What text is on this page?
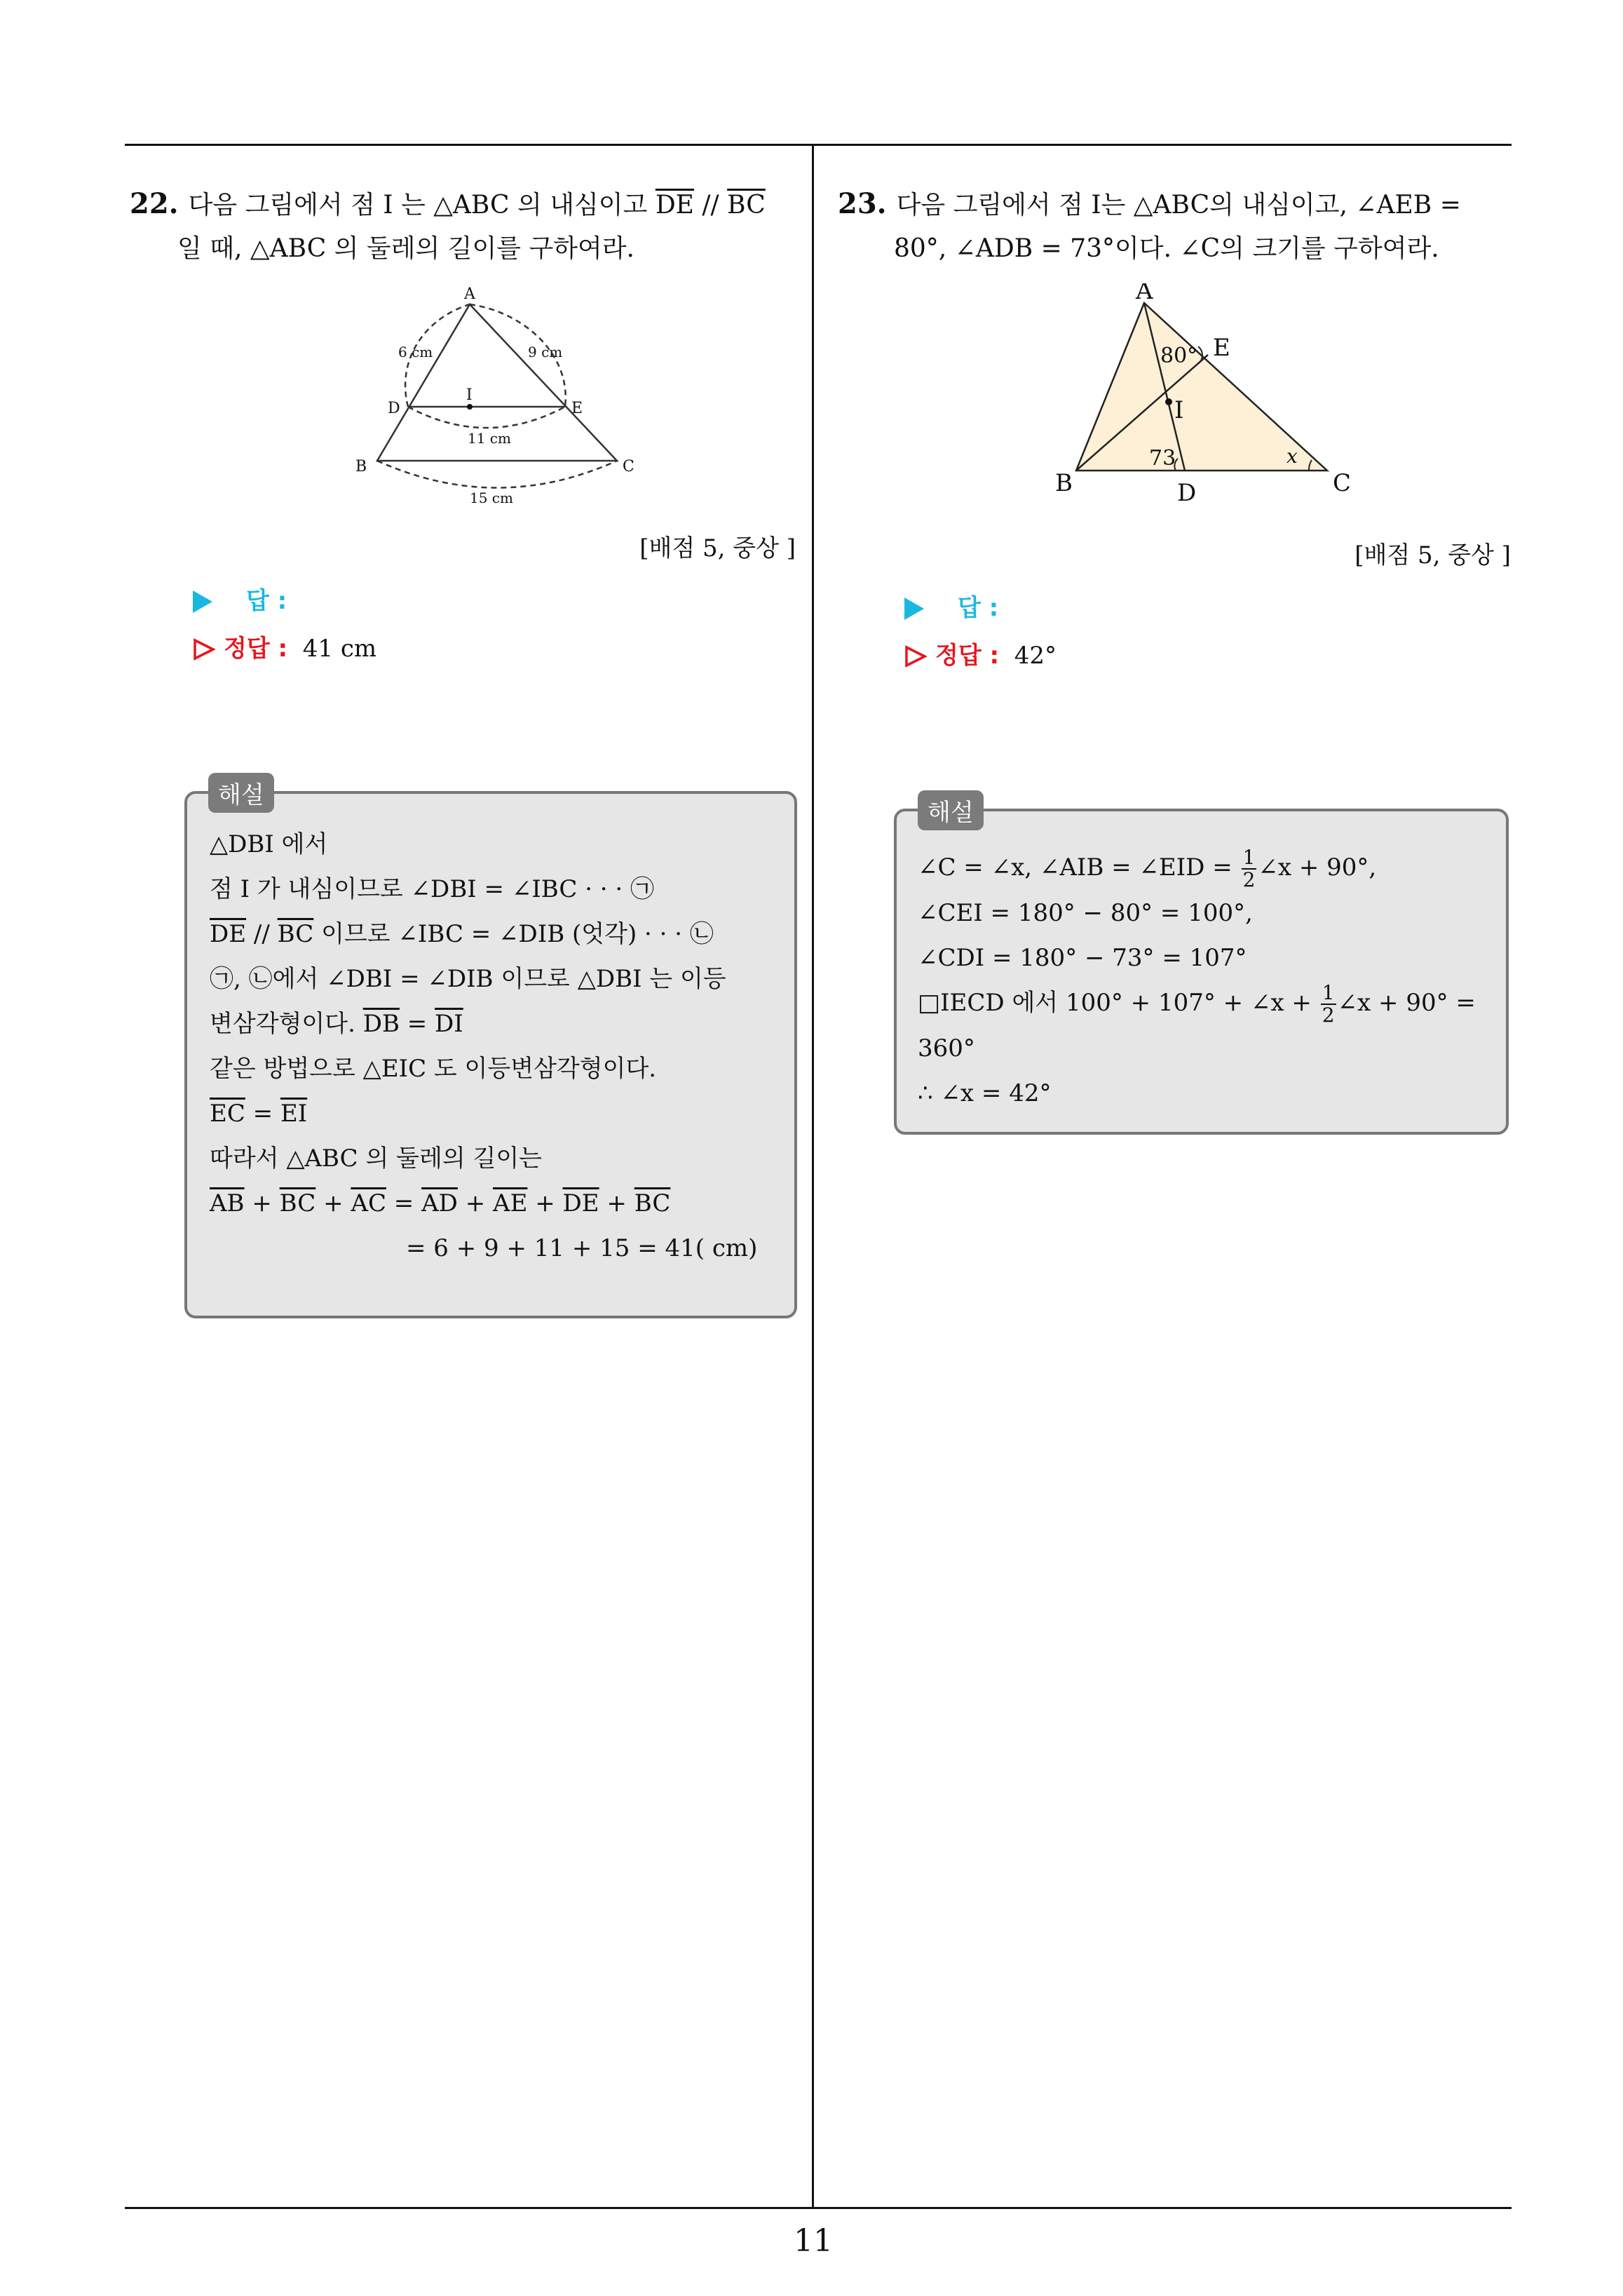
11
22. 다음 그림에서 점 I 는 △ABC 의 내심이고 $\overline{DE} // \overline{BC}$
일 때, △ABC 의 둘레의 길이를 구하여라.
A
D	E
I
B	C
6 cm	9 cm
11 cm
15 cm
[배점 5, 중상 ]
답 :
정답 : 41 cm
해설
△DBI 에서
점 I 가 내심이므로 ∠DBI = ∠IBC · · · ㉠
$\overline{DE} // \overline{BC}$ 이므로 ∠IBC = ∠DIB (엇각) · · · ㉡
㉠, ㉡에서 ∠DBI = ∠DIB 이므로 △DBI 는 이등
변삼각형이다. $\overline{DB} = \overline{DI}$
같은 방법으로 △EIC 도 이등변삼각형이다.
$\overline{EC} = \overline{EI}$
따라서 △ABC 의 둘레의 길이는
$\overline{AB} + \overline{BC} + \overline{AC} = \overline{AD} + \overline{AE} + \overline{DE} + \overline{BC}$
= 6 + 9 + 11 + 15 = 41( cm)
23. 다음 그림에서 점 I는 △ABC의 내심이고, ∠AEB =
80°, ∠ADB = 73°이다. ∠C의 크기를 구하여라.
A
B	C
D
E
I
80°
73	x
[배점 5, 중상 ]
답 :
정답 : 42°
해설
∠C = ∠x, ∠AIB = ∠EID = $\frac{1}{2}$ ∠x + 90°,
∠CEI = 180° − 80° = 100°,
∠CDI = 180° − 73° = 107°
□IECD 에서 100° + 107° + ∠x + $\frac{1}{2}$ ∠x + 90° =
360°
∴ ∠x = 42°
